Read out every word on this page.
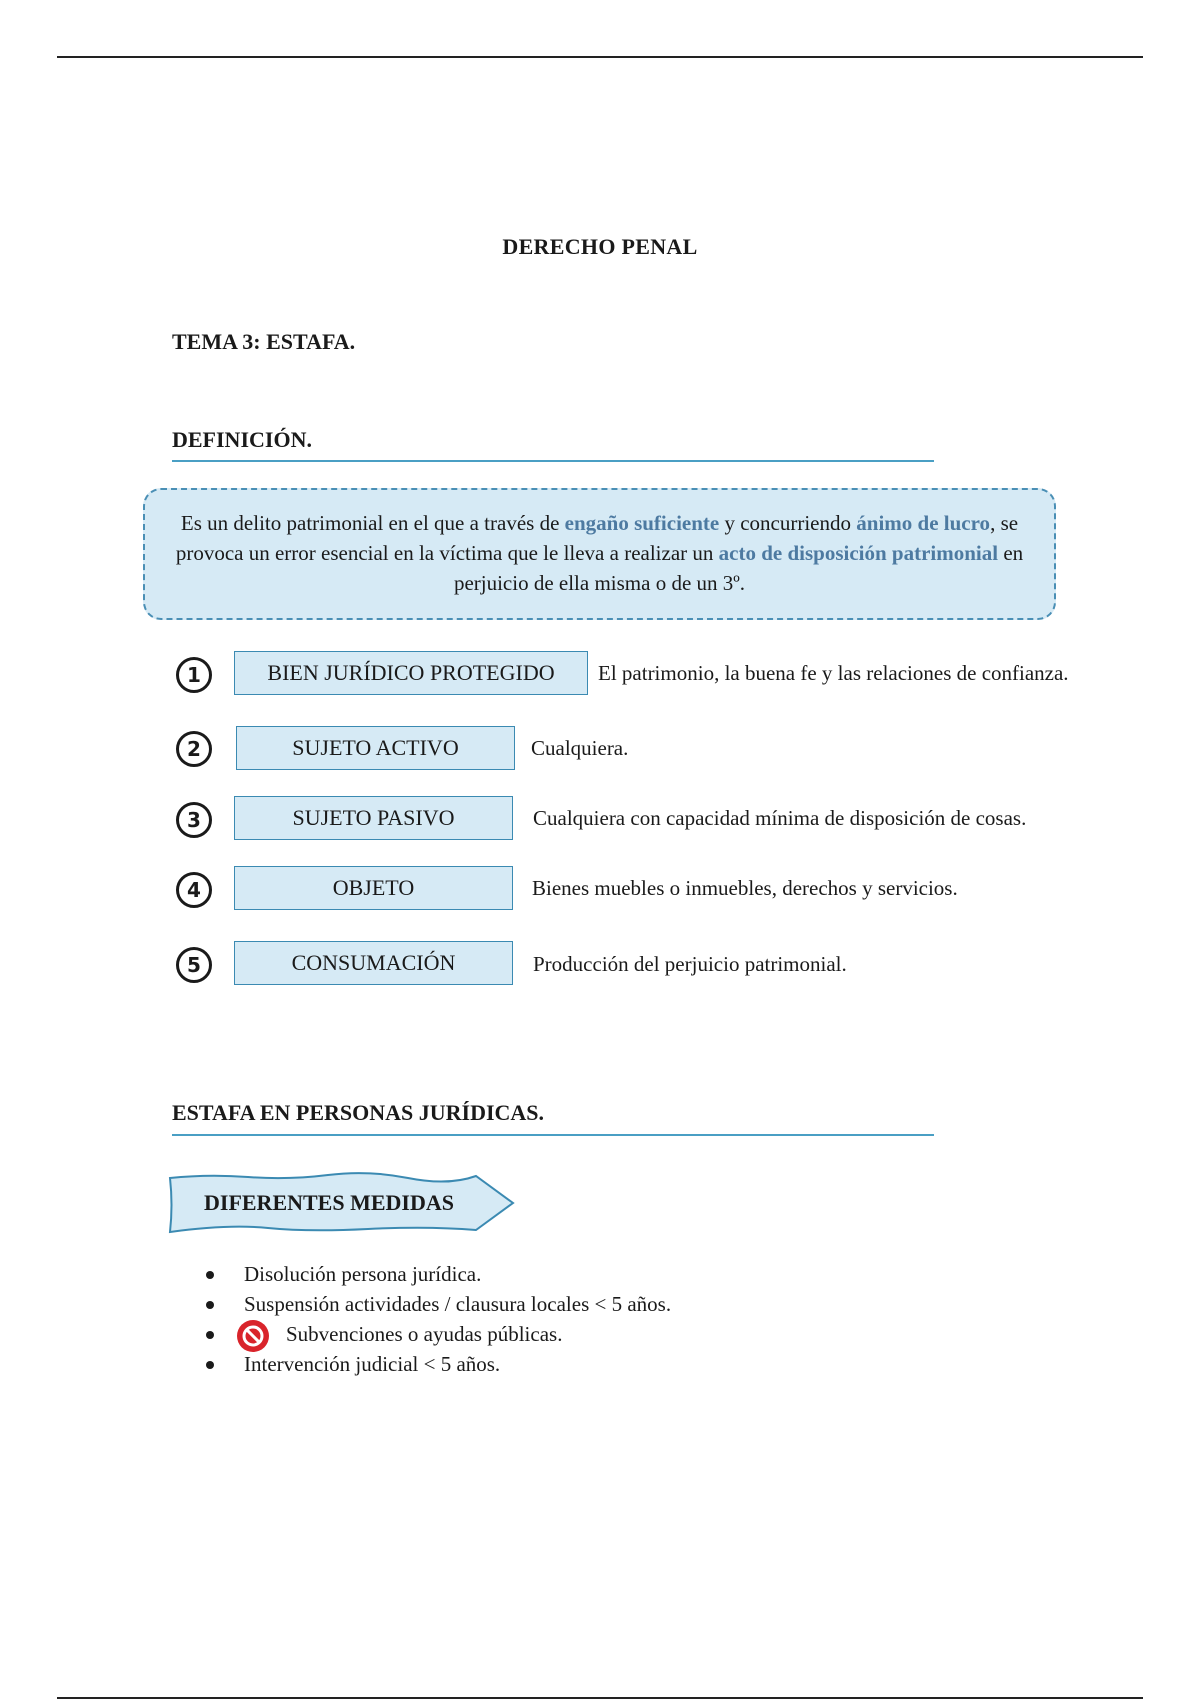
DERECHO PENAL
TEMA 3: ESTAFA.
DEFINICIÓN.
Es un delito patrimonial en el que a través de engaño suficiente y concurriendo ánimo de lucro, se provoca un error esencial en la víctima que le lleva a realizar un acto de disposición patrimonial en perjuicio de ella misma o de un 3º.
1	BIEN JURÍDICO PROTEGIDO	El patrimonio, la buena fe y las relaciones de confianza.
2	SUJETO ACTIVO	Cualquiera.
3	SUJETO PASIVO	Cualquiera con capacidad mínima de disposición de cosas.
4	OBJETO	Bienes muebles o inmuebles, derechos y servicios.
5	CONSUMACIÓN	Producción del perjuicio patrimonial.
ESTAFA EN PERSONAS JURÍDICAS.
DIFERENTES MEDIDAS
Disolución persona jurídica.
Suspensión actividades / clausura locales < 5 años.
Subvenciones o ayudas públicas.
Intervención judicial < 5 años.
